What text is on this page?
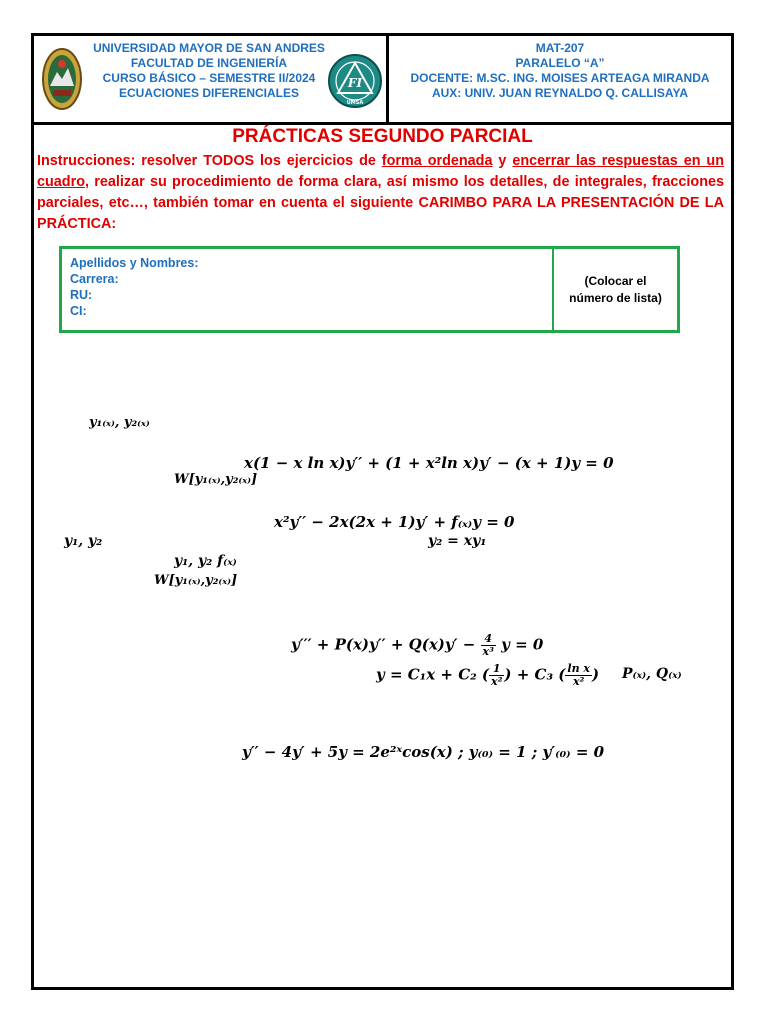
UNIVERSIDAD MAYOR DE SAN ANDRES
FACULTAD DE INGENIERÍA
CURSO BÁSICO – SEMESTRE II/2024
ECUACIONES DIFERENCIALES
FI
UMSA
MAT-207
PARALELO “A”
DOCENTE: M.SC. ING. MOISES ARTEAGA MIRANDA
AUX: UNIV. JUAN REYNALDO Q. CALLISAYA
PRÁCTICAS SEGUNDO PARCIAL
Instrucciones: resolver TODOS los ejercicios de forma ordenada y encerrar las respuestas en un cuadro, realizar su procedimiento de forma clara, así mismo los detalles, de integrales, fracciones parciales, etc…, también tomar en cuenta el siguiente CARIMBO PARA LA PRESENTACIÓN DE LA PRÁCTICA:
Apellidos y Nombres:
Carrera:
RU:
CI:
(Colocar el
número de lista)
y₁₍ₓ₎, y₂₍ₓ₎
x(1 − x ln x)y′′ + (1 + x²ln x)y′ − (x + 1)y = 0
W[y₁₍ₓ₎,y₂₍ₓ₎]
x²y′′ − 2x(2x + 1)y′ + f₍ₓ₎y = 0
y₁, y₂	y₂ = xy₁
y₁, y₂ f₍ₓ₎
W[y₁₍ₓ₎,y₂₍ₓ₎]
$y''' + P(x)y'' + Q(x)y' - \frac{4}{\text{x³}}$ y = 0
y = C₁x + C₂ ( $\frac{1}{\text{x²}}$ ) + C₃ ( $\frac{\text{ln x}}{\text{x²}}$ ) P₍ₓ₎, Q₍ₓ₎
y′′ − 4y′ + 5y = 2e²ˣcos(x) ; y₍₀₎ = 1 ; y′₍₀₎ = 0
